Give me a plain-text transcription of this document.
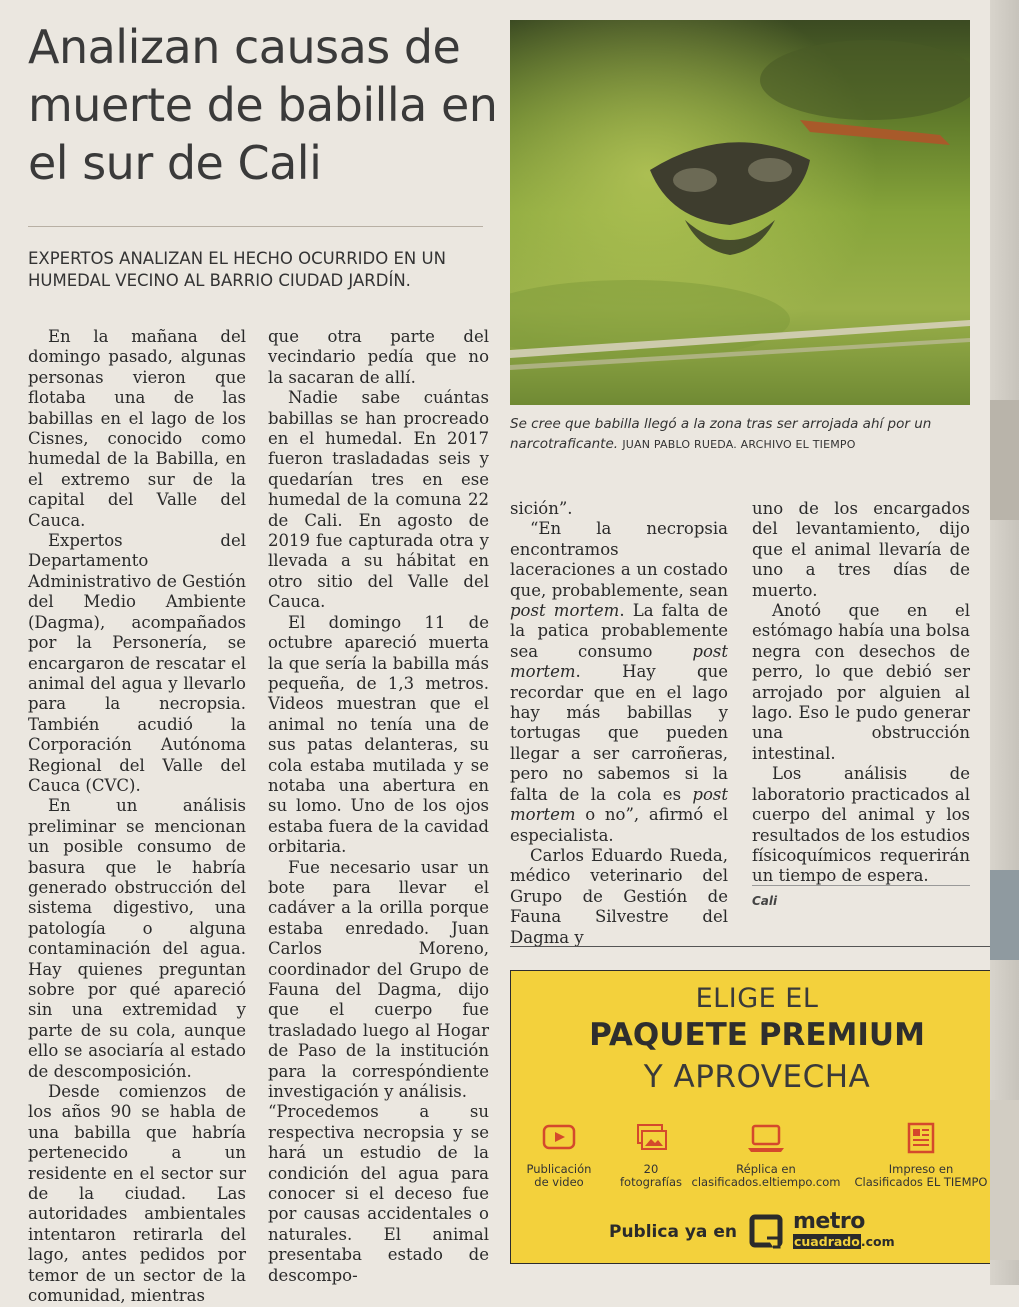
Analizan causas de muerte de babilla en el sur de Cali
EXPERTOS ANALIZAN EL HECHO OCURRIDO EN UN HUMEDAL VECINO AL BARRIO CIUDAD JARDÍN.
Se cree que babilla llegó a la zona tras ser arrojada ahí por un narcotraficante. JUAN PABLO RUEDA. ARCHIVO EL TIEMPO

En la mañana del domingo pasado, algunas personas vieron que flotaba una de las babillas en el lago de los Cisnes, conocido como humedal de la Babilla, en el extremo sur de la capital del Valle del Cauca.

Expertos del Departamento Administrativo de Gestión del Medio Ambiente (Dagma), acompañados por la Personería, se encargaron de rescatar el animal del agua y llevarlo para la necropsia. También acudió la Corporación Autónoma Regional del Valle del Cauca (CVC).

En un análisis preliminar se mencionan un posible consumo de basura que le habría generado obstrucción del sistema digestivo, una patología o alguna contaminación del agua. Hay quienes preguntan sobre por qué apareció sin una extremidad y parte de su cola, aunque ello se asociaría al estado de descomposición.

Desde comienzos de los años 90 se habla de una babilla que habría pertenecido a un residente en el sector sur de la ciudad. Las autoridades ambientales intentaron retirarla del lago, antes pedidos por temor de un sector de la comunidad, mientras

que otra parte del vecindario pedía que no la sacaran de allí.

Nadie sabe cuántas babillas se han procreado en el humedal. En 2017 fueron trasladadas seis y quedarían tres en ese humedal de la comuna 22 de Cali. En agosto de 2019 fue capturada otra y llevada a su hábitat en otro sitio del Valle del Cauca.

El domingo 11 de octubre apareció muerta la que sería la babilla más pequeña, de 1,3 metros. Videos muestran que el animal no tenía una de sus patas delanteras, su cola estaba mutilada y se notaba una abertura en su lomo. Uno de los ojos estaba fuera de la cavidad orbitaria.

Fue necesario usar un bote para llevar el cadáver a la orilla porque estaba enredado. Juan Carlos Moreno, coordinador del Grupo de Fauna del Dagma, dijo que el cuerpo fue trasladado luego al Hogar de Paso de la institución para la correspóndiente investigación y análisis.

“Procedemos a su respectiva necropsia y se hará un estudio de la condición del agua para conocer si el deceso fue por causas accidentales o naturales. El animal presentaba estado de descompo-

sición”.

“En la necropsia encontramos laceraciones a un costado que, probablemente, sean post mortem. La falta de la patica probablemente sea consumo post mortem. Hay que recordar que en el lago hay más babillas y tortugas que pueden llegar a ser carroñeras, pero no sabemos si la falta de la cola es post mortem o no”, afirmó el especialista.

Carlos Eduardo Rueda, médico veterinario del Grupo de Gestión de Fauna Silvestre del Dagma y

uno de los encargados del levantamiento, dijo que el animal llevaría de uno a tres días de muerto.

Anotó que en el estómago había una bolsa negra con desechos de perro, lo que debió ser arrojado por alguien al lago. Eso le pudo generar una obstrucción intestinal.

Los análisis de laboratorio practicados al cuerpo del animal y los resultados de los estudios físicoquímicos requerirán un tiempo de espera.

Cali
ELIGE EL
PAQUETE PREMIUM
Y APROVECHA
Publicación
de video
20
fotografías
Réplica en
clasificados.eltiempo.com
Impreso en
Clasificados EL TIEMPO
Publica ya en	metro
cuadrado.com
